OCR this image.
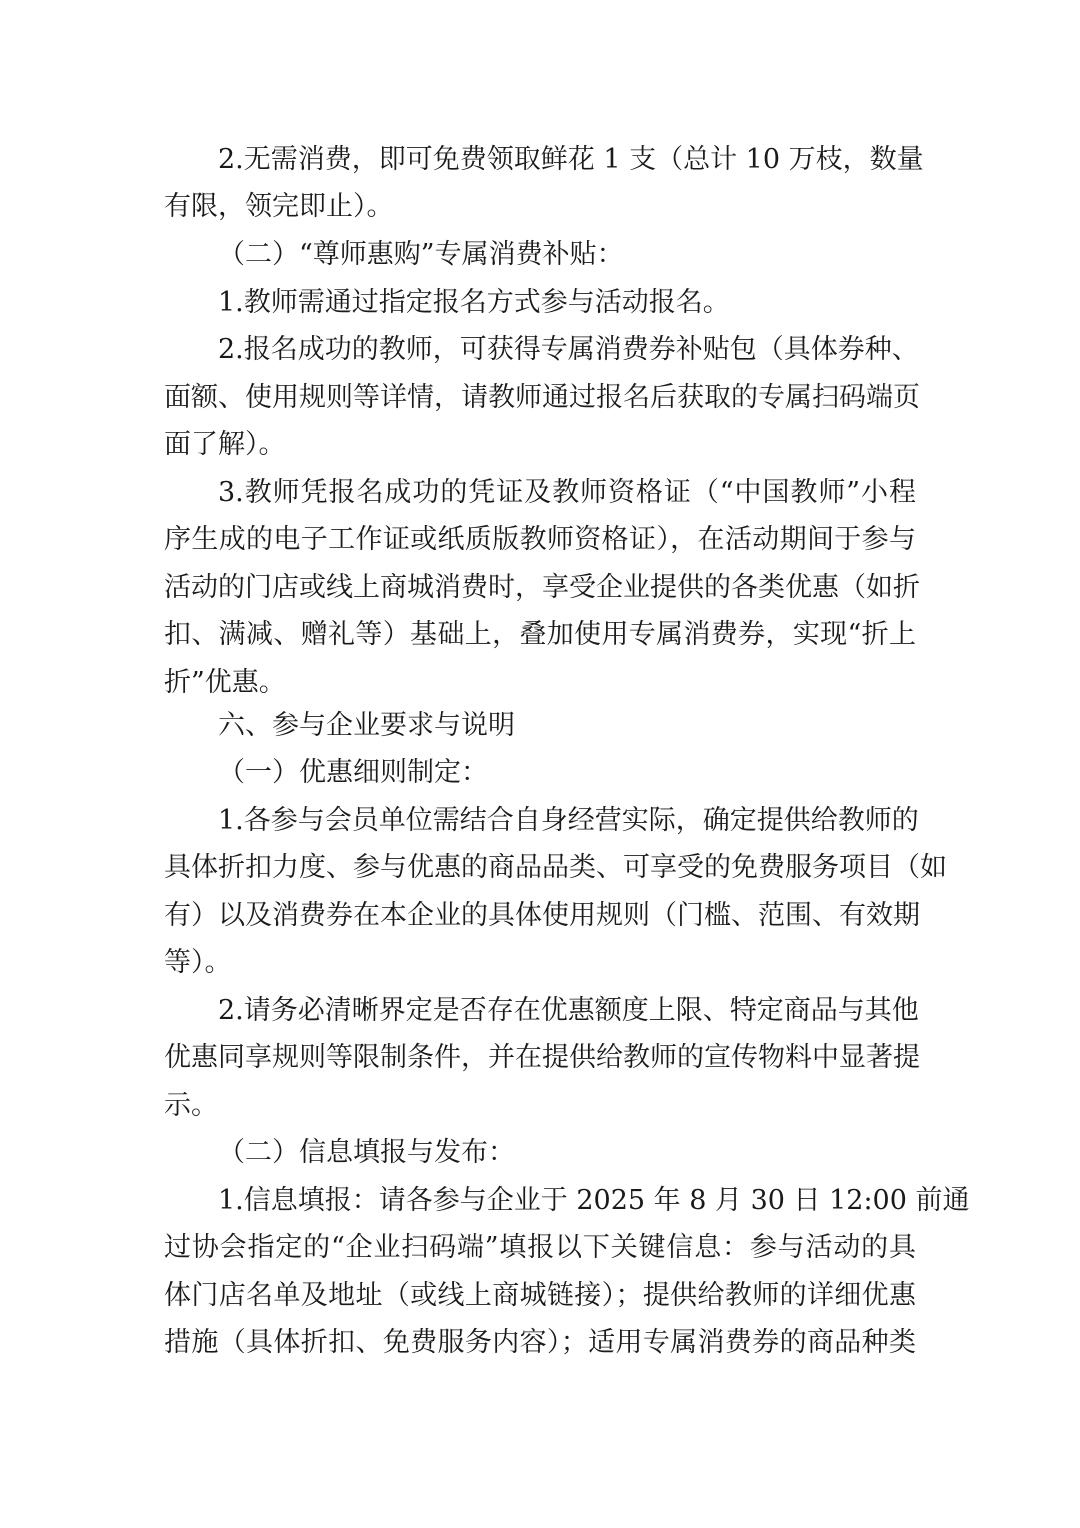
2.无需消费，即可免费领取鲜花 1 支（总计 10 万枝，数量
有限，领完即止）。
（二）“尊师惠购”专属消费补贴：
1.教师需通过指定报名方式参与活动报名。
2.报名成功的教师，可获得专属消费券补贴包（具体券种、
面额、使用规则等详情，请教师通过报名后获取的专属扫码端页
面了解）。
3.教师凭报名成功的凭证及教师资格证（“中国教师”小程
序生成的电子工作证或纸质版教师资格证），在活动期间于参与
活动的门店或线上商城消费时，享受企业提供的各类优惠（如折
扣、满减、赠礼等）基础上，叠加使用专属消费券，实现“折上
折”优惠。
六、参与企业要求与说明
（一）优惠细则制定：
1.各参与会员单位需结合自身经营实际，确定提供给教师的
具体折扣力度、参与优惠的商品品类、可享受的免费服务项目（如
有）以及消费券在本企业的具体使用规则（门槛、范围、有效期
等）。
2.请务必清晰界定是否存在优惠额度上限、特定商品与其他
优惠同享规则等限制条件，并在提供给教师的宣传物料中显著提
示。
（二）信息填报与发布：
1.信息填报：请各参与企业于 2025 年 8 月 30 日 12:00 前通
过协会指定的“企业扫码端”填报以下关键信息：参与活动的具
体门店名单及地址（或线上商城链接）；提供给教师的详细优惠
措施（具体折扣、免费服务内容）；适用专属消费券的商品种类
